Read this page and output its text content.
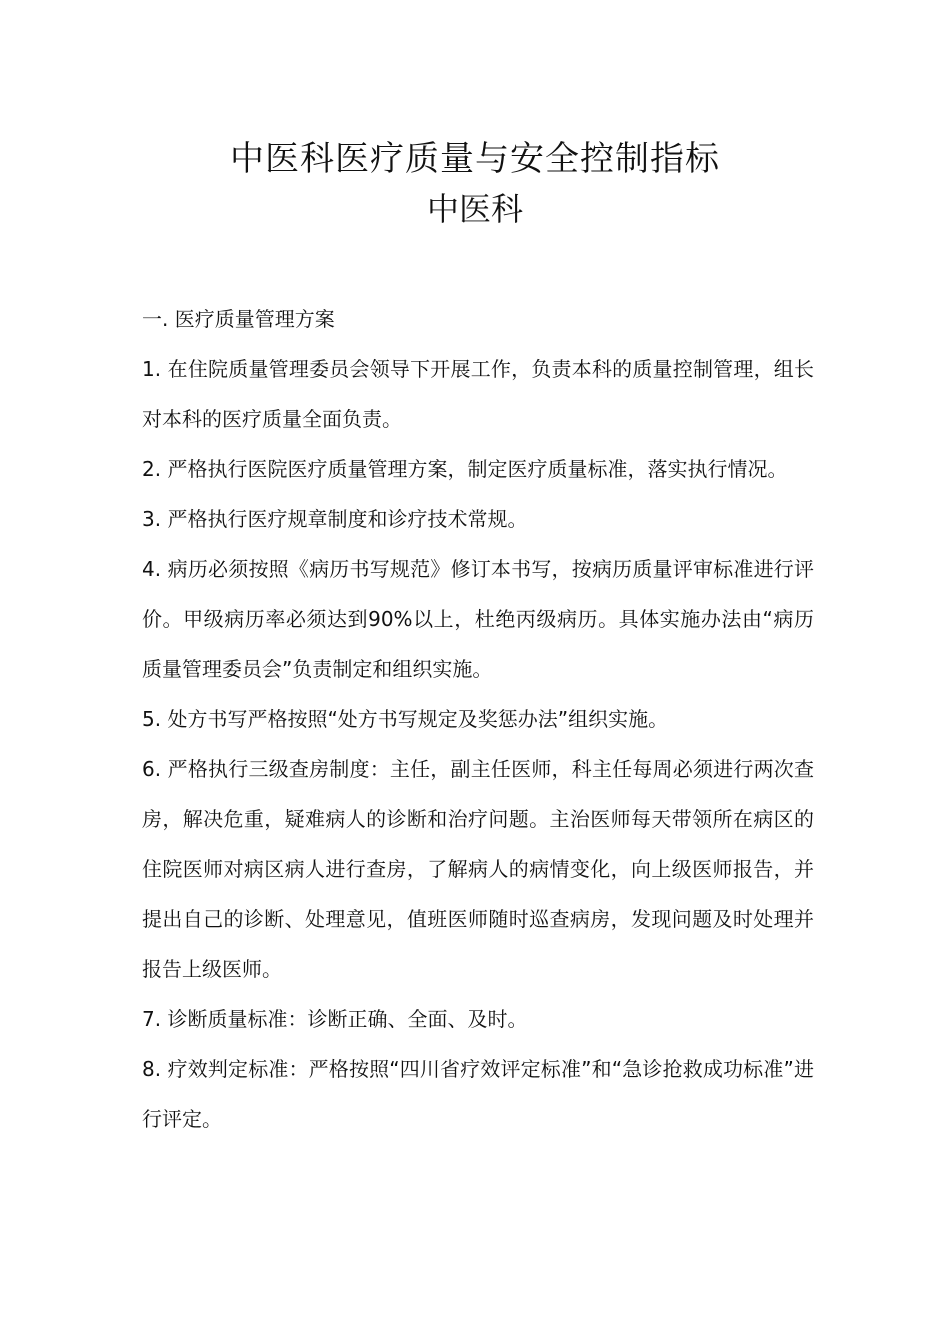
中医科医疗质量与安全控制指标
中医科

一. 医疗质量管理方案

1. 在住院质量管理委员会领导下开展工作，负责本科的质量控制管理，组长对本科的医疗质量全面负责。

2. 严格执行医院医疗质量管理方案，制定医疗质量标准，落实执行情况。

3. 严格执行医疗规章制度和诊疗技术常规。

4. 病历必须按照《病历书写规范》修订本书写，按病历质量评审标准进行评价。甲级病历率必须达到90%以上，杜绝丙级病历。具体实施办法由“病历质量管理委员会”负责制定和组织实施。

5. 处方书写严格按照“处方书写规定及奖惩办法”组织实施。

6. 严格执行三级查房制度：主任，副主任医师，科主任每周必须进行两次查房，解决危重，疑难病人的诊断和治疗问题。主治医师每天带领所在病区的住院医师对病区病人进行查房，了解病人的病情变化，向上级医师报告，并提出自己的诊断、处理意见，值班医师随时巡查病房，发现问题及时处理并报告上级医师。

7. 诊断质量标准：诊断正确、全面、及时。

8. 疗效判定标准：严格按照“四川省疗效评定标准”和“急诊抢救成功标准”进行评定。
